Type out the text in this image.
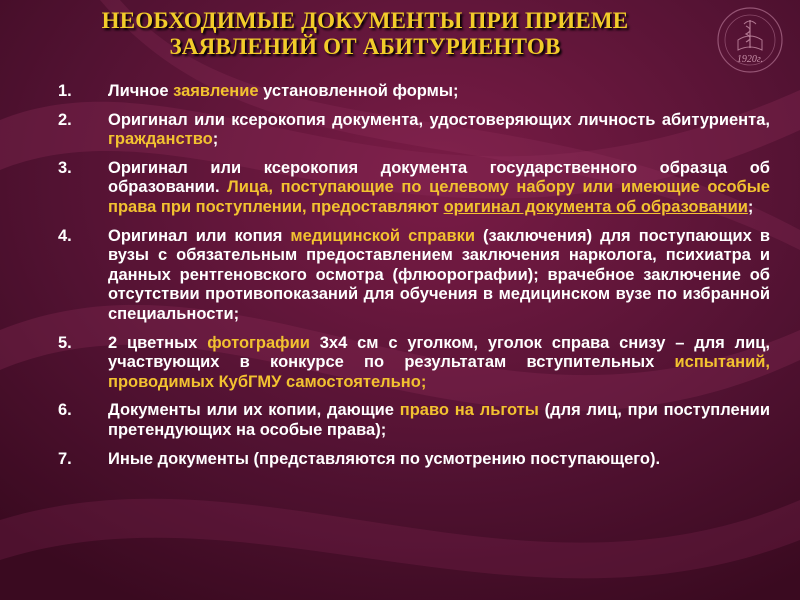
НЕОБХОДИМЫЕ ДОКУМЕНТЫ ПРИ ПРИЕМЕ
ЗАЯВЛЕНИЙ ОТ АБИТУРИЕНТОВ
1920г.
1.	Личное заявление установленной формы;
2.	Оригинал или ксерокопия документа, удостоверяющих личность абитуриента, гражданство;
3.	Оригинал или ксерокопия документа государственного образца об образовании. Лица, поступающие по целевому набору или имеющие особые права при поступлении, предоставляют оригинал документа об образовании;
4.	Оригинал или копия медицинской справки (заключения) для поступающих в вузы с обязательным предоставлением заключения нарколога, психиатра и данных рентгеновского осмотра (флюорографии); врачебное заключение об отсутствии противопоказаний для обучения в медицинском вузе по избранной специальности;
5.	2 цветных фотографии 3х4 см с уголком, уголок справа снизу – для лиц, участвующих в конкурсе по результатам вступительных испытаний, проводимых КубГМУ самостоятельно;
6.	Документы или их копии, дающие право на льготы (для лиц, при поступлении претендующих на особые права);
7.	Иные документы (представляются по усмотрению поступающего).
